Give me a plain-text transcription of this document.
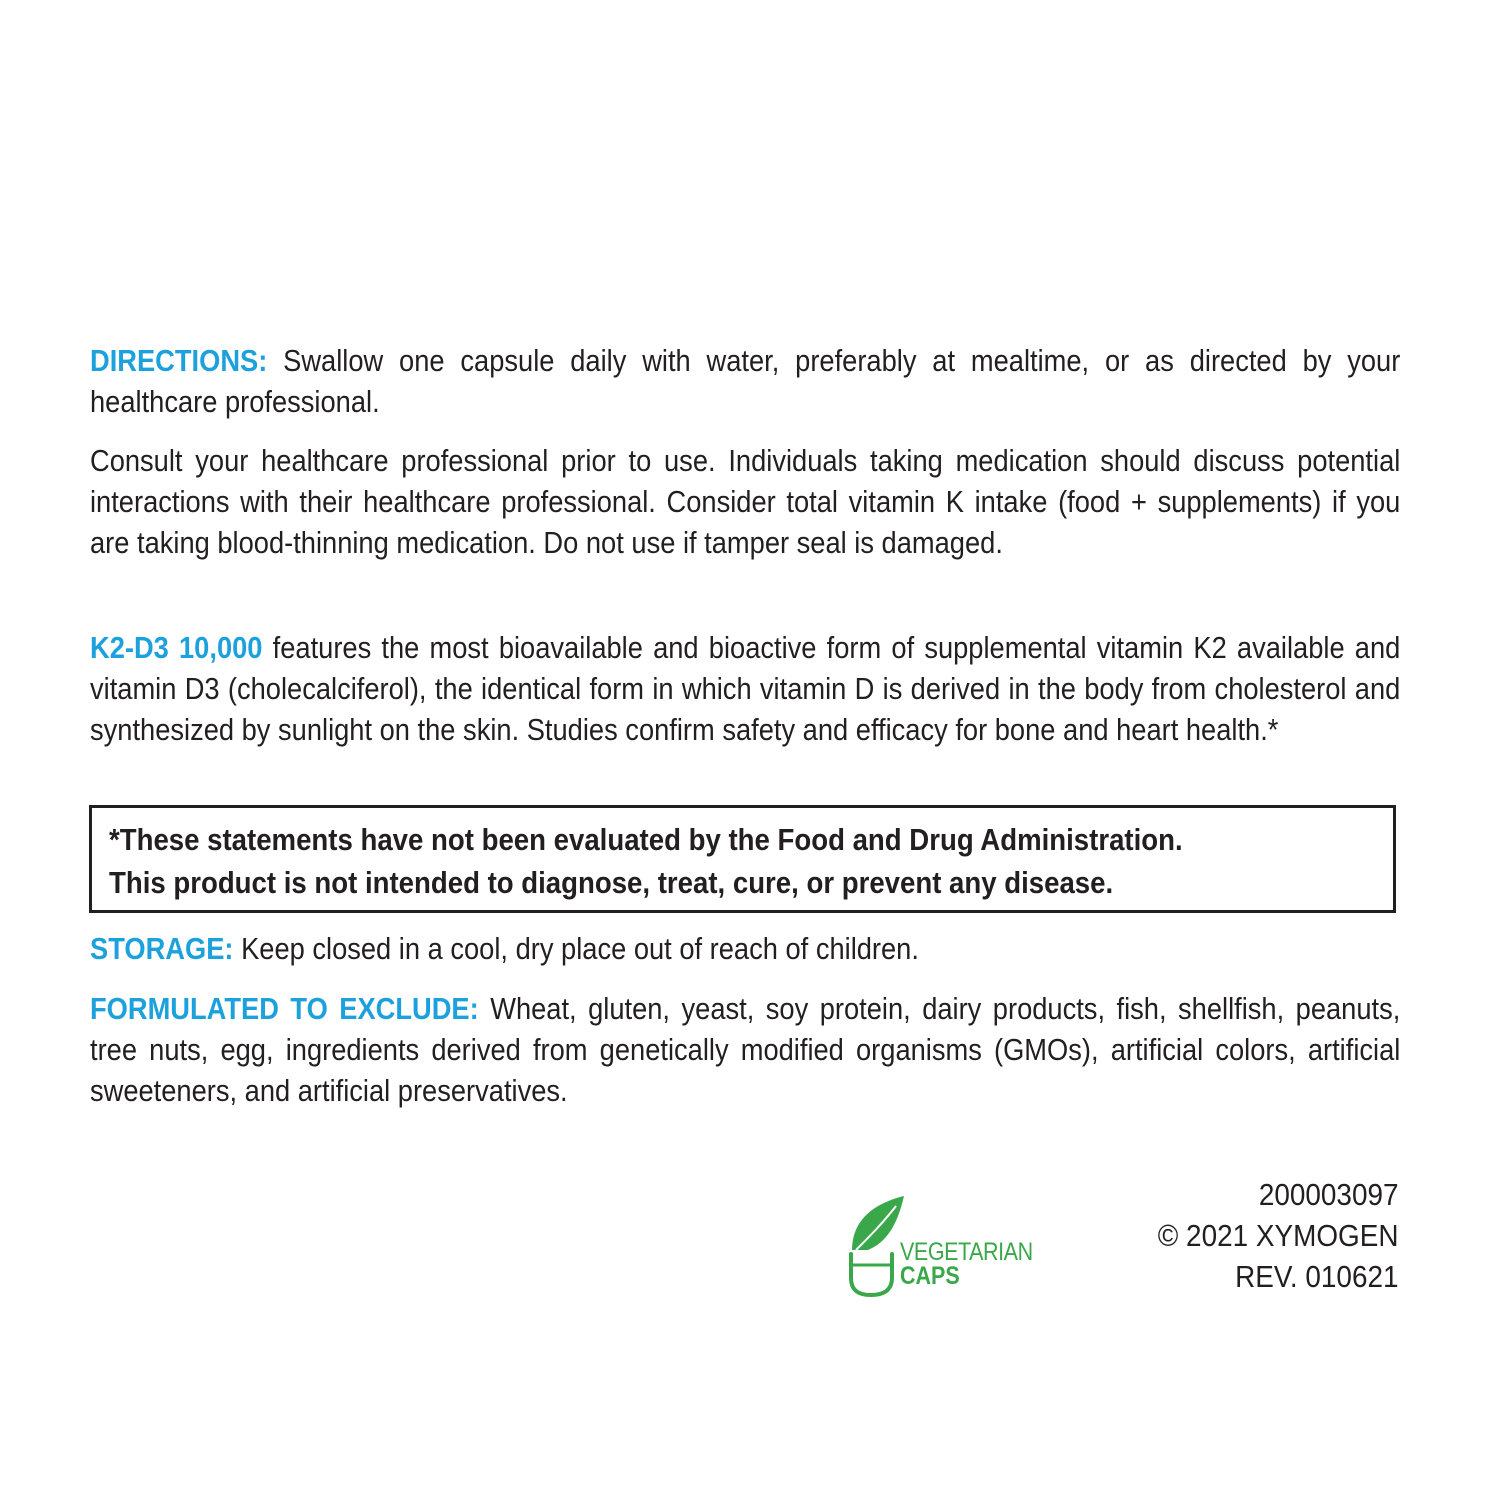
DIRECTIONS: Swallow one capsule daily with water, preferably at mealtime, or as directed by your healthcare professional.

Consult your healthcare professional prior to use. Individuals taking medication should discuss potential interactions with their healthcare professional. Consider total vitamin K intake (food + supplements) if you are taking blood-thinning medication. Do not use if tamper seal is damaged.

K2-D3 10,000 features the most bioavailable and bioactive form of supplemental vitamin K2 available and vitamin D3 (cholecalciferol), the identical form in which vitamin D is derived in the body from cholesterol and synthesized by sunlight on the skin. Studies confirm safety and efficacy for bone and heart health.*

*These statements have not been evaluated by the Food and Drug Administration.
This product is not intended to diagnose, treat, cure, or prevent any disease.

STORAGE: Keep closed in a cool, dry place out of reach of children.

FORMULATED TO EXCLUDE: Wheat, gluten, yeast, soy protein, dairy products, fish, shellfish, peanuts, tree nuts, egg, ingredients derived from genetically modified organisms (GMOs), artificial colors, artificial sweeteners, and artificial preservatives.

VEGETARIAN
CAPS
200003097
© 2021 XYMOGEN
REV. 010621
